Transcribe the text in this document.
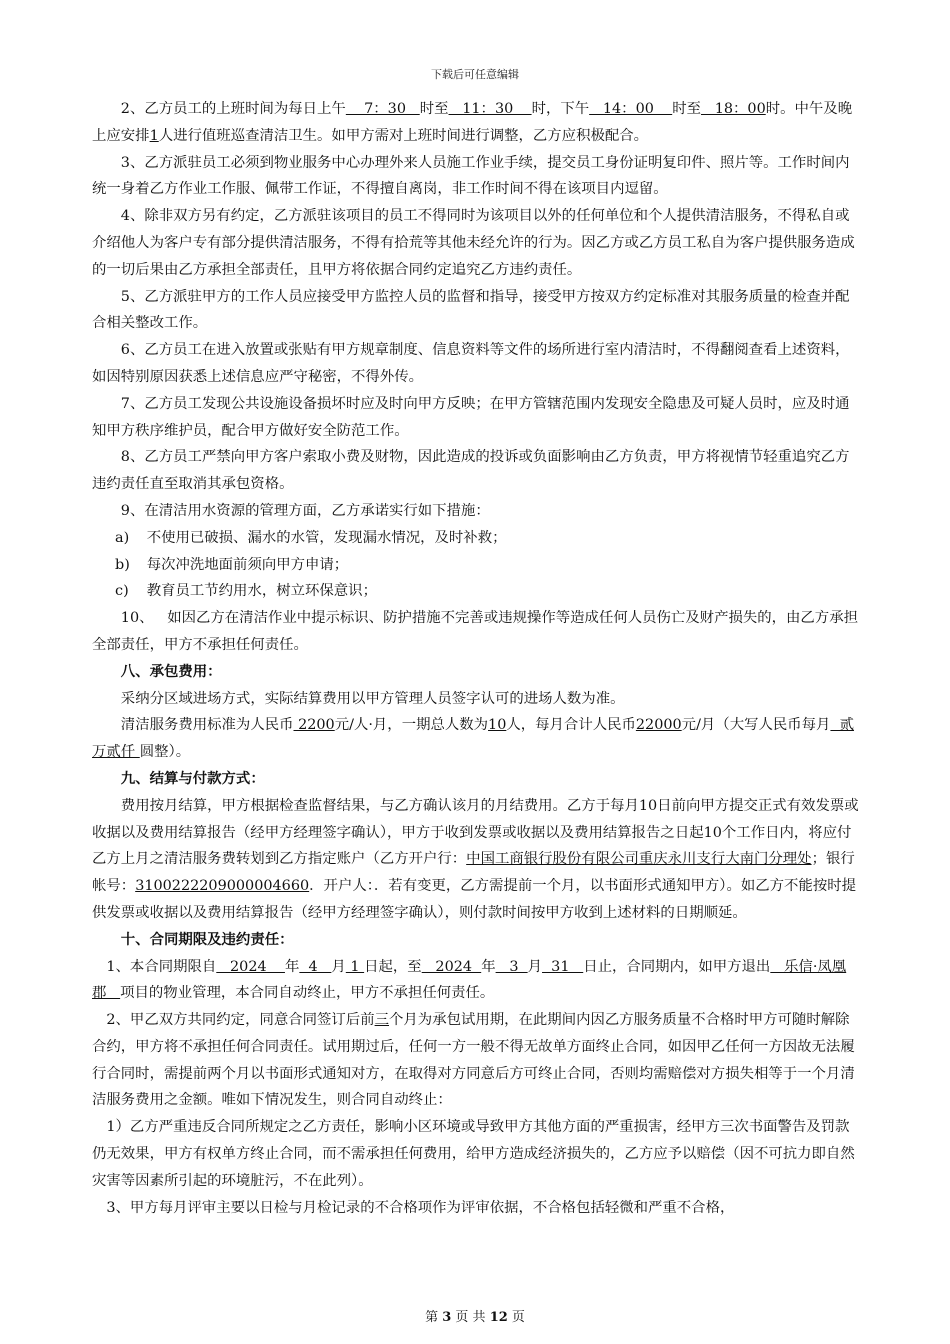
下载后可任意编辑

2、乙方员工的上班时间为每日上午    7：30   时至   11：30    时，下午   14：00    时至   18：00时。中午及晚上应安排1人进行值班巡查清洁卫生。如甲方需对上班时间进行调整，乙方应积极配合。

3、乙方派驻员工必须到物业服务中心办理外来人员施工作业手续，提交员工身份证明复印件、照片等。工作时间内统一身着乙方作业工作服、佩带工作证，不得擅自离岗，非工作时间不得在该项目内逗留。

4、除非双方另有约定，乙方派驻该项目的员工不得同时为该项目以外的任何单位和个人提供清洁服务，不得私自或介绍他人为客户专有部分提供清洁服务，不得有拾荒等其他未经允许的行为。因乙方或乙方员工私自为客户提供服务造成的一切后果由乙方承担全部责任，且甲方将依据合同约定追究乙方违约责任。

5、乙方派驻甲方的工作人员应接受甲方监控人员的监督和指导，接受甲方按双方约定标准对其服务质量的检查并配合相关整改工作。

6、乙方员工在进入放置或张贴有甲方规章制度、信息资料等文件的场所进行室内清洁时，不得翻阅查看上述资料，如因特别原因获悉上述信息应严守秘密，不得外传。

7、乙方员工发现公共设施设备损坏时应及时向甲方反映；在甲方管辖范围内发现安全隐患及可疑人员时，应及时通知甲方秩序维护员，配合甲方做好安全防范工作。

8、乙方员工严禁向甲方客户索取小费及财物，因此造成的投诉或负面影响由乙方负责，甲方将视情节轻重追究乙方违约责任直至取消其承包资格。

9、在清洁用水资源的管理方面，乙方承诺实行如下措施：

a) 不使用已破损、漏水的水管，发现漏水情况，及时补救；

b) 每次冲洗地面前须向甲方申请；

c) 教育员工节约用水，树立环保意识；

10、   如因乙方在清洁作业中提示标识、防护措施不完善或违规操作等造成任何人员伤亡及财产损失的，由乙方承担全部责任，甲方不承担任何责任。

八、承包费用：

采纳分区域进场方式，实际结算费用以甲方管理人员签字认可的进场人数为准。

清洁服务费用标准为人民币 2200元/人·月，一期总人数为10人，每月合计人民币22000元/月（大写人民币每月  贰万贰仟 圆整）。

九、结算与付款方式：

费用按月结算，甲方根据检查监督结果，与乙方确认该月的月结费用。乙方于每月10日前向甲方提交正式有效发票或收据以及费用结算报告（经甲方经理签字确认），甲方于收到发票或收据以及费用结算报告之日起10个工作日内，将应付乙方上月之清洁服务费转划到乙方指定账户（乙方开户行：中国工商银行股份有限公司重庆永川支行大南门分理处；银行帐号：3100222209000004660．开户人：．若有变更，乙方需提前一个月，以书面形式通知甲方）。如乙方不能按时提供发票或收据以及费用结算报告（经甲方经理签字确认），则付款时间按甲方收到上述材料的日期顺延。

十、合同期限及违约责任：

1、本合同期限自   2024    年  4   月 1 日起，至   2024  年   3  月  31   日止，合同期内，如甲方退出   乐信·凤凰郡   项目的物业管理，本合同自动终止，甲方不承担任何责任。

2、甲乙双方共同约定，同意合同签订后前三个月为承包试用期，在此期间内因乙方服务质量不合格时甲方可随时解除合约，甲方将不承担任何合同责任。试用期过后，任何一方一般不得无故单方面终止合同，如因甲乙任何一方因故无法履行合同时，需提前两个月以书面形式通知对方，在取得对方同意后方可终止合同，否则均需赔偿对方损失相等于一个月清洁服务费用之金额。唯如下情况发生，则合同自动终止：

1）乙方严重违反合同所规定之乙方责任，影响小区环境或导致甲方其他方面的严重损害，经甲方三次书面警告及罚款仍无效果，甲方有权单方终止合同，而不需承担任何费用，给甲方造成经济损失的，乙方应予以赔偿（因不可抗力即自然灾害等因素所引起的环境脏污，不在此列）。

3、甲方每月评审主要以日检与月检记录的不合格项作为评审依据，不合格包括轻微和严重不合格，

第 3 页 共 12 页
